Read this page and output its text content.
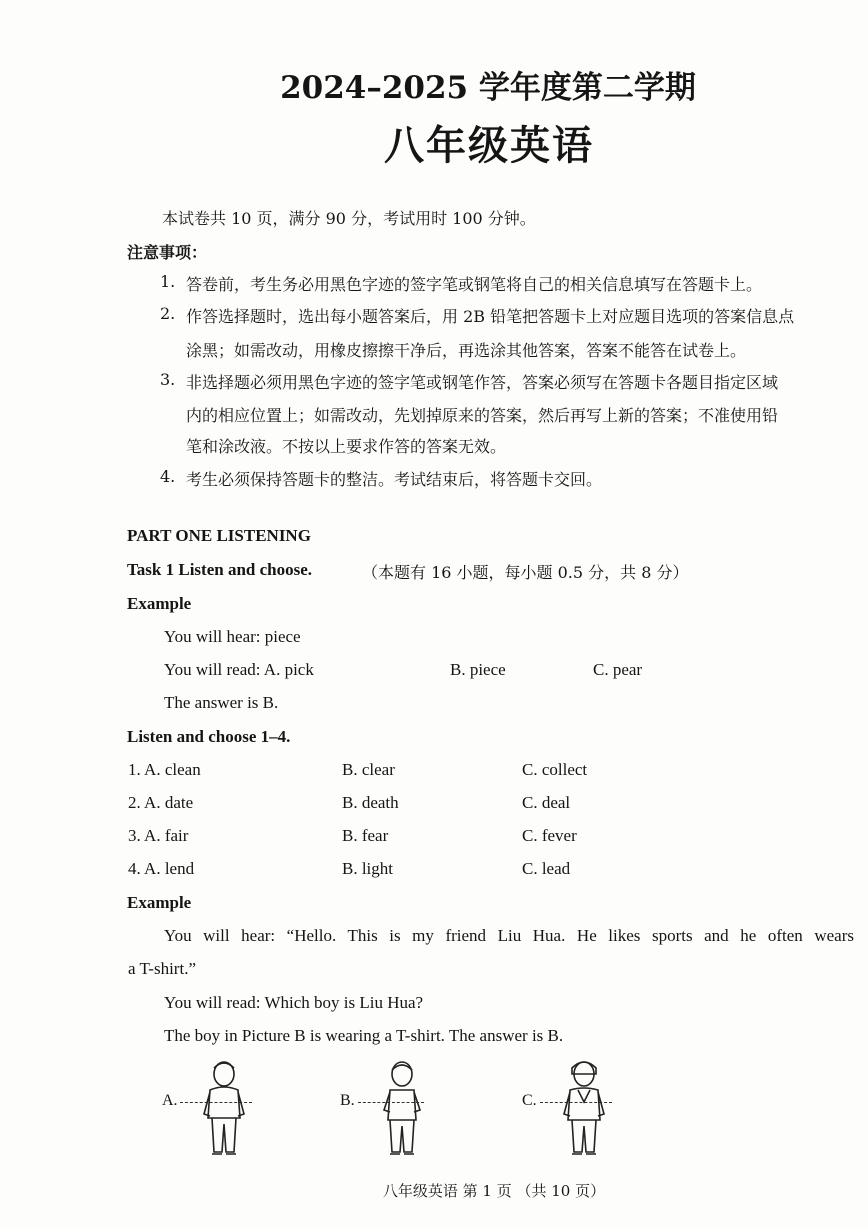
2024–2025 学年度第二学期
八年级英语
本试卷共 10 页，满分 90 分，考试用时 100 分钟。
注意事项：
1. 答卷前，考生务必用黑色字迹的签字笔或钢笔将自己的相关信息填写在答题卡上。
2. 作答选择题时，选出每小题答案后，用 2B 铅笔把答题卡上对应题目选项的答案信息点
涂黑；如需改动，用橡皮擦擦干净后，再选涂其他答案，答案不能答在试卷上。
3. 非选择题必须用黑色字迹的签字笔或钢笔作答，答案必须写在答题卡各题目指定区域
内的相应位置上；如需改动，先划掉原来的答案，然后再写上新的答案；不准使用铅
笔和涂改液。不按以上要求作答的答案无效。
4. 考生必须保持答题卡的整洁。考试结束后，将答题卡交回。
PART ONE LISTENING
Task 1 Listen and choose.	（本题有 16 小题，每小题 0.5 分，共 8 分）
Example
You will hear: piece
You will read: A. pick	B. piece	C. pear
The answer is B.
Listen and choose 1–4.
1. A. clean	B. clear	C. collect
2. A. date	B. death	C. deal
3. A. fair	B. fear	C. fever
4. A. lend	B. light	C. lead
Example
You will hear: “Hello. This is my friend Liu Hua. He likes sports and he often wears
a T-shirt.”
You will read: Which boy is Liu Hua?
The boy in Picture B is wearing a T-shirt. The answer is B.
A.	B.	C.
八年级英语 第 1 页 （共 10 页）
